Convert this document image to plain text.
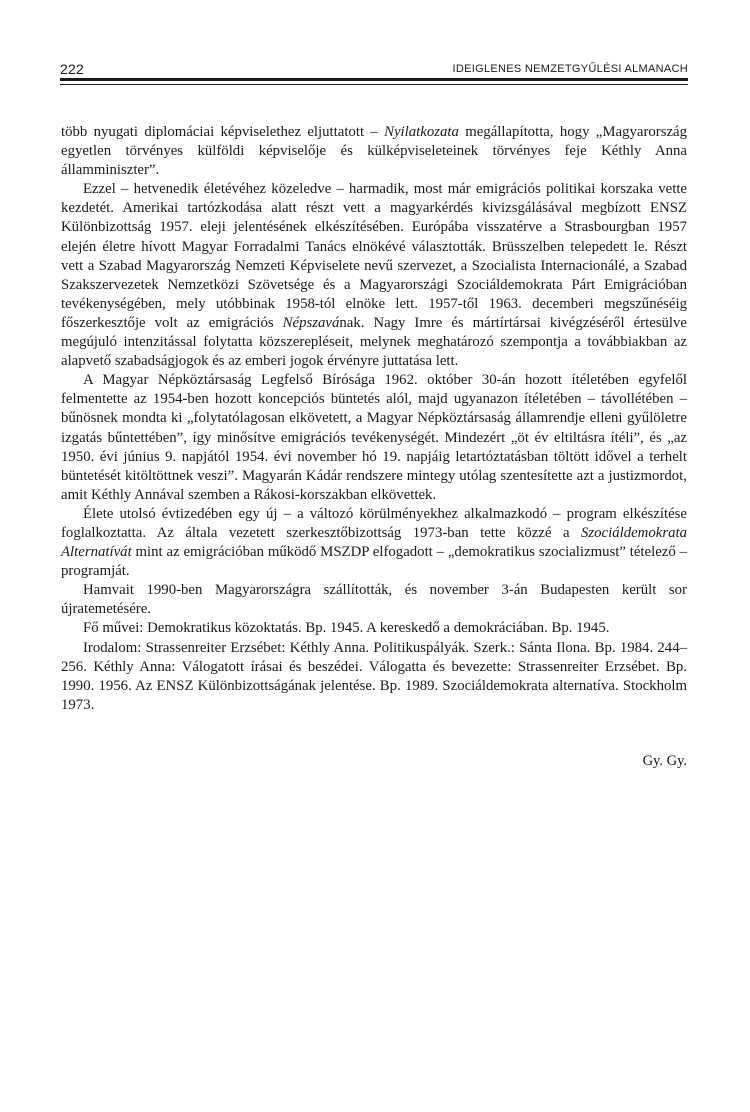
222	IDEIGLENES NEMZETGYŰLÉSI ALMANACH

több nyugati diplomáciai képviselethez eljuttatott – Nyilatkozata megállapította, hogy „Magyarország egyetlen törvényes külföldi képviselője és külképviseleteinek törvényes feje Kéthly Anna államminiszter”.

Ezzel – hetvenedik életévéhez közeledve – harmadik, most már emigrációs politikai korszaka vette kezdetét. Amerikai tartózkodása alatt részt vett a magyarkérdés kivizsgálásával megbízott ENSZ Különbizottság 1957. eleji jelentésének elkészítésében. Európába visszatérve a Strasbourgban 1957 elején életre hívott Magyar Forradalmi Tanács elnökévé választották. Brüsszelben telepedett le. Részt vett a Szabad Magyarország Nemzeti Képviselete nevű szervezet, a Szocialista Internacionálé, a Szabad Szakszervezetek Nemzetközi Szövetsége és a Magyarországi Szociáldemokrata Párt Emigrációban tevékenységében, mely utóbbinak 1958-tól elnöke lett. 1957-től 1963. decemberi megszűnéséig főszerkesztője volt az emigrációs Népszavának. Nagy Imre és mártírtársai kivégzéséről értesülve megújuló intenzitással folytatta közszerepléseit, melynek meghatározó szempontja a továbbiakban az alapvető szabadságjogok és az emberi jogok érvényre juttatása lett.

A Magyar Népköztársaság Legfelső Bírósága 1962. október 30-án hozott ítéletében egyfelől felmentette az 1954-ben hozott koncepciós büntetés alól, majd ugyanazon ítéletében – távollétében – bűnösnek mondta ki „folytatólagosan elkövetett, a Magyar Népköztársaság államrendje elleni gyűlöletre izgatás bűntettében”, így minősítve emigrációs tevékenységét. Mindezért „öt év eltiltásra ítéli”, és „az 1950. évi június 9. napjától 1954. évi november hó 19. napjáig letartóztatásban töltött idővel a terhelt büntetését kitöltöttnek veszi”. Magyarán Kádár rendszere mintegy utólag szentesítette azt a justizmordot, amit Kéthly Annával szemben a Rákosi-korszakban elkövettek.

Élete utolsó évtizedében egy új – a változó körülményekhez alkalmazkodó – program elkészítése foglalkoztatta. Az általa vezetett szerkesztőbizottság 1973-ban tette közzé a Szociáldemokrata Alternatívát mint az emigrációban működő MSZDP elfogadott – „demokratikus szocializmust” tételező – programját.

Hamvait 1990-ben Magyarországra szállították, és november 3-án Budapesten került sor újratemetésére.

Fő művei: Demokratikus közoktatás. Bp. 1945. A kereskedő a demokráciában. Bp. 1945.

Irodalom: Strassenreiter Erzsébet: Kéthly Anna. Politikuspályák. Szerk.: Sánta Ilona. Bp. 1984. 244–256. Kéthly Anna: Válogatott írásai és beszédei. Válogatta és bevezette: Strassenreiter Erzsébet. Bp. 1990. 1956. Az ENSZ Különbizottságának jelentése. Bp. 1989. Szociáldemokrata alternatíva. Stockholm 1973.

Gy. Gy.
